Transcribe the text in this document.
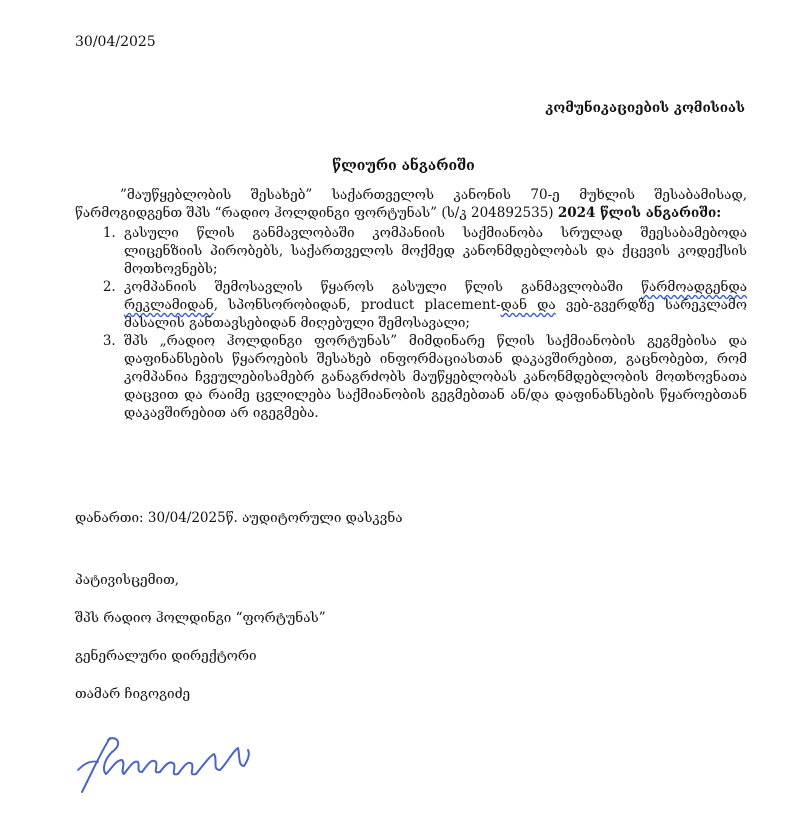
30/04/2025
კომუნიკაციების კომისიას
წლიური ანგარიში

”მაუწყებლობის შესახებ” საქართველოს კანონის 70-ე მუხლის შესაბამისად, წარმოგიდგენთ შპს “რადიო ჰოლდინგი ფორტუნას” (ს/კ 204892535) 2024 წლის ანგარიში:

1. გასული წლის განმავლობაში კომპანიის საქმიანობა სრულად შეესაბამებოდა ლიცენზიის პირობებს, საქართველოს მოქმედ კანონმდებლობას და ქცევის კოდექსის მოთხოვნებს;
2. კომპანიის შემოსავლის წყაროს გასული წლის განმავლობაში წარმოადგენდა რეკლამიდან, სპონსორობიდან, product placement-დან და ვებ-გვერდზე სარეკლამო მასალის განთავსებიდან მიღებული შემოსავალი;
3. შპს „რადიო ჰოლდინგი ფორტუნას” მიმდინარე წლის საქმიანობის გეგმებისა და დაფინანსების წყაროების შესახებ ინფორმაციასთან დაკავშირებით, გაცნობებთ, რომ კომპანია ჩვეულებისამებრ განაგრძობს მაუწყებლობას კანონმდებლობის მოთხოვნათა დაცვით და რაიმე ცვლილება საქმიანობის გეგმებთან ან/და დაფინანსების წყაროებთან დაკავშირებით არ იგეგმება.
დანართი: 30/04/2025წ. აუდიტორული დასკვნა
პატივისცემით,
შპს რადიო ჰოლდინგი “ფორტუნას”
გენერალური დირექტორი
თამარ ჩიგოგიძე
